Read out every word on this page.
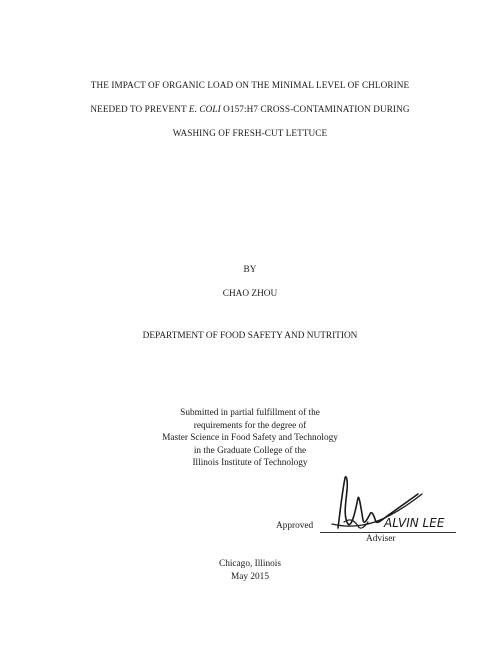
THE IMPACT OF ORGANIC LOAD ON THE MINIMAL LEVEL OF CHLORINE
NEEDED TO PREVENT E. COLI O157:H7 CROSS-CONTAMINATION DURING
WASHING OF FRESH-CUT LETTUCE
BY
CHAO ZHOU
DEPARTMENT OF FOOD SAFETY AND NUTRITION
Submitted in partial fulfillment of the
requirements for the degree of
Master Science in Food Safety and Technology
in the Graduate College of the
Illinois Institute of Technology
ALVIN LEE
Approved
Adviser
Chicago, Illinois
May 2015
